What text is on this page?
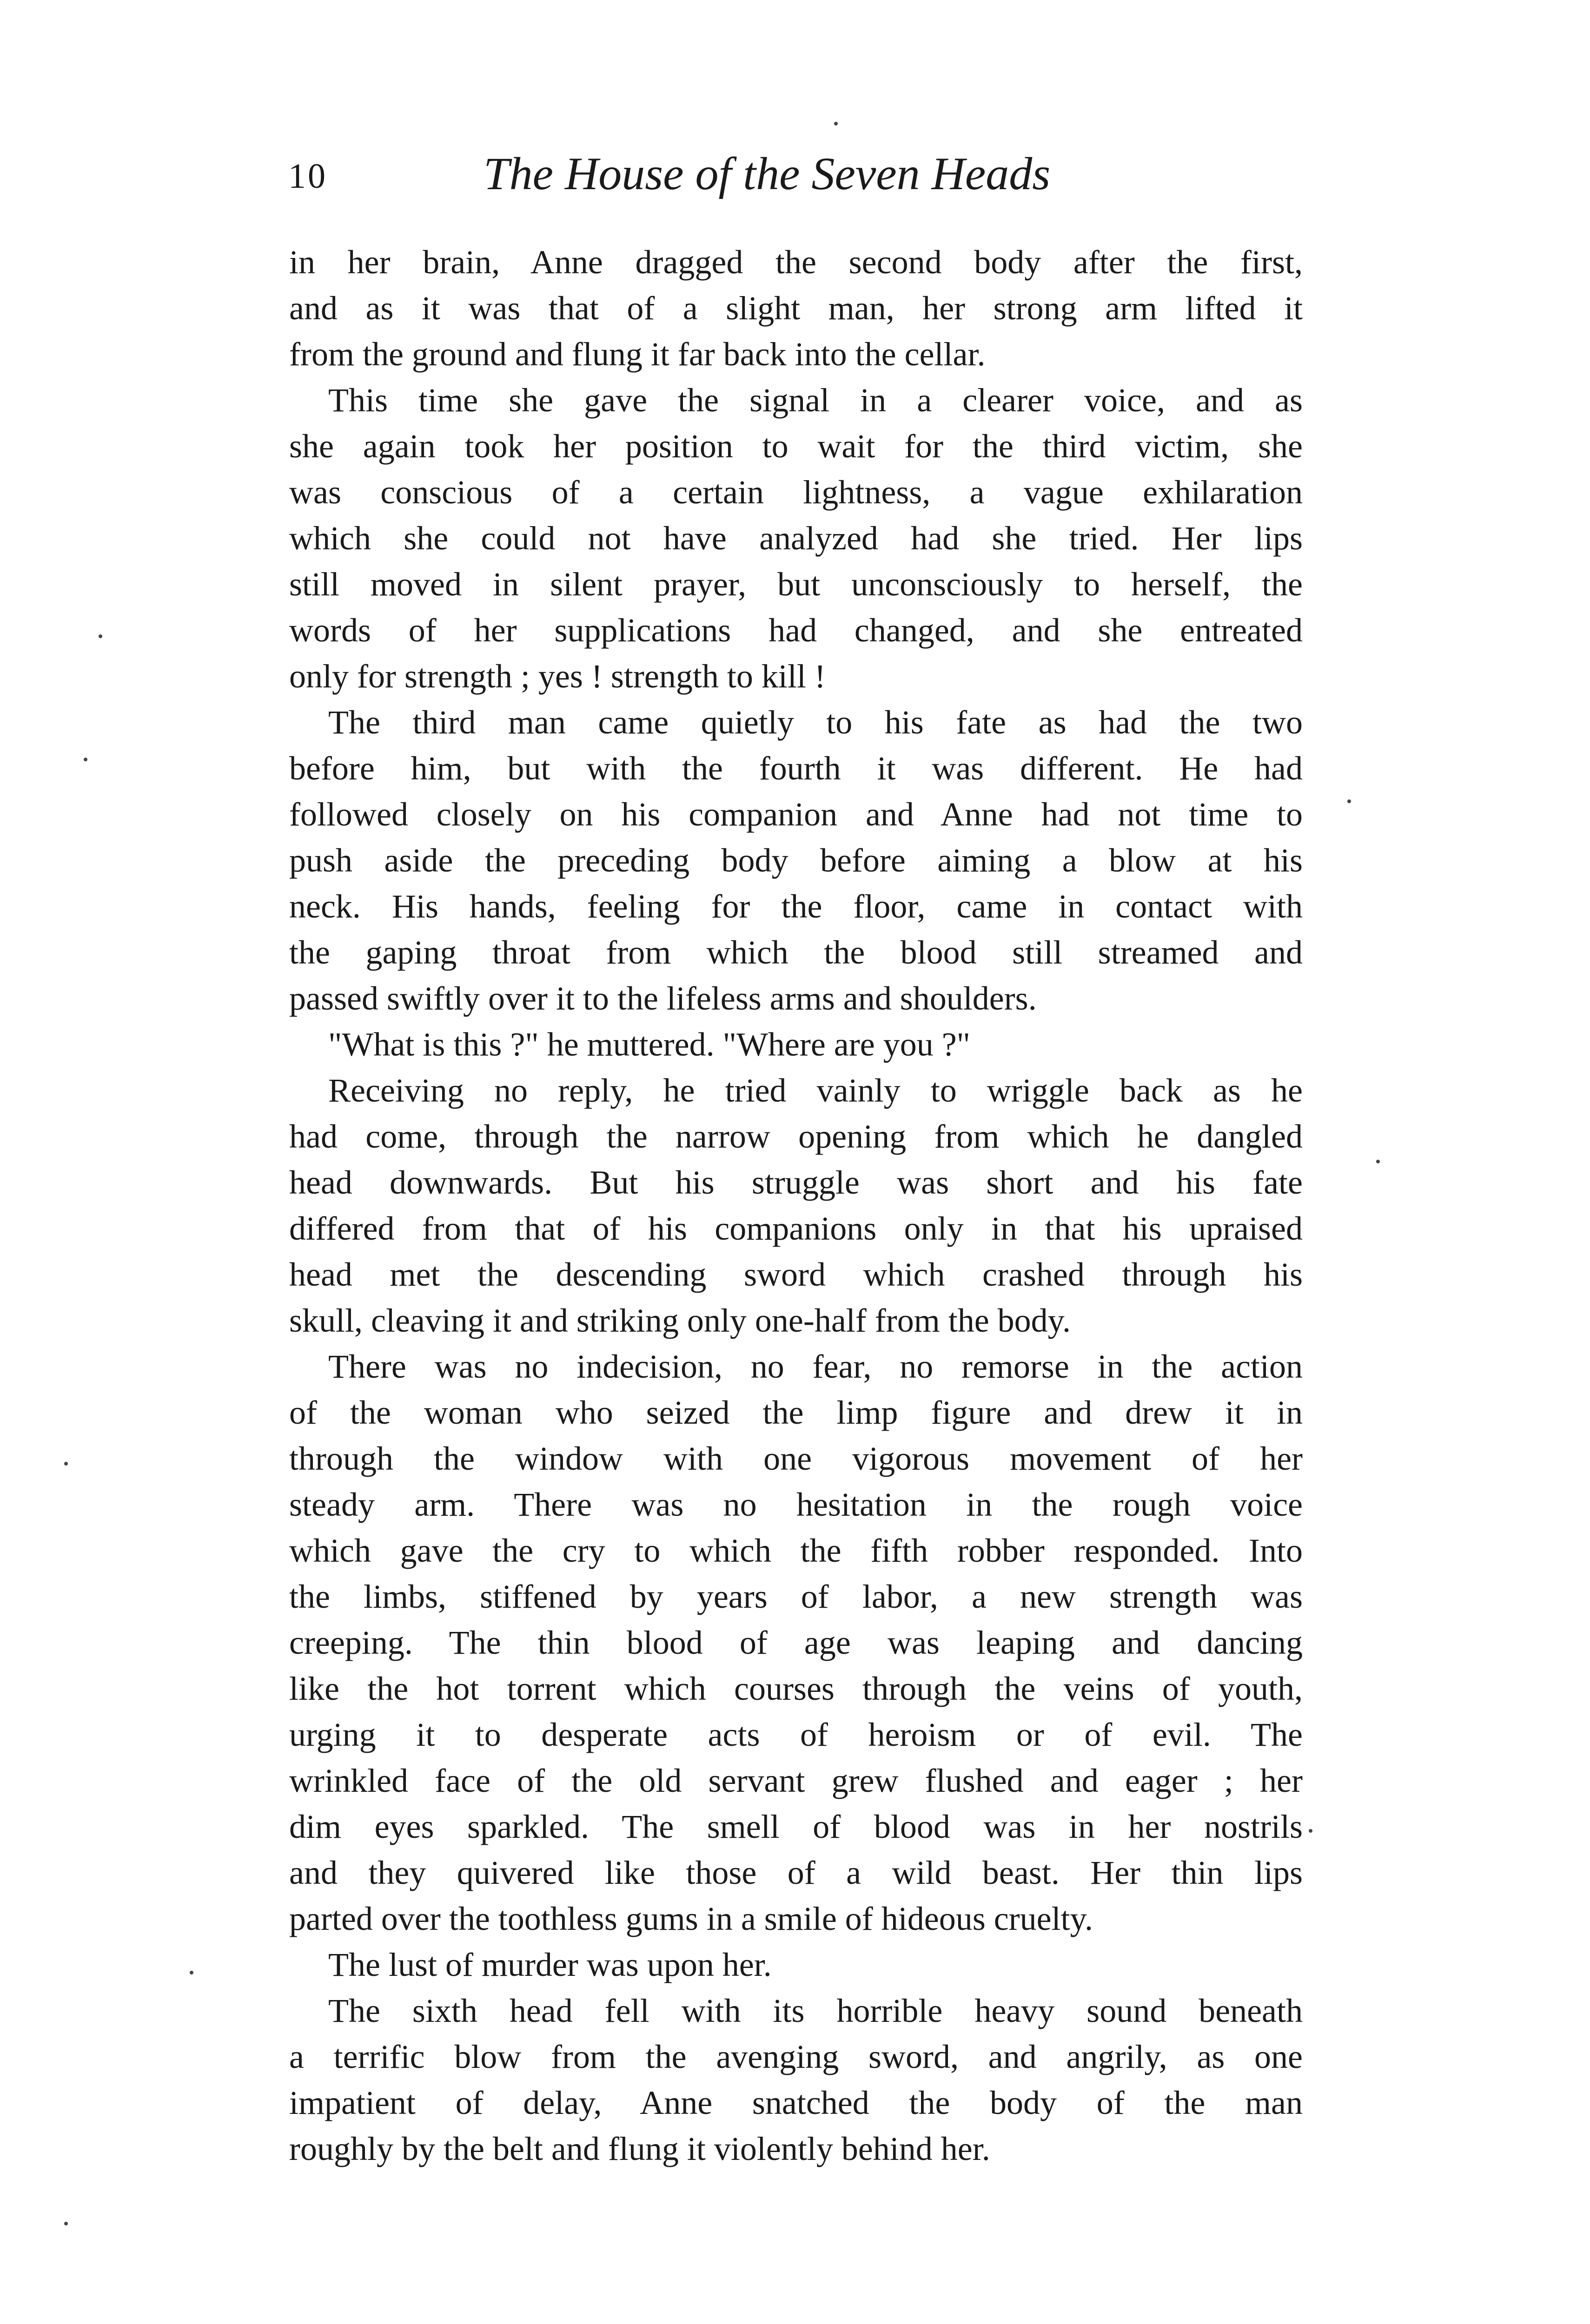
10	The House of the Seven Heads
in her brain, Anne dragged the second body after the first,
and as it was that of a slight man, her strong arm lifted it
from the ground and flung it far back into the cellar.
This time she gave the signal in a clearer voice, and as
she again took her position to wait for the third victim, she
was conscious of a certain lightness, a vague exhilaration
which she could not have analyzed had she tried. Her lips
still moved in silent prayer, but unconsciously to herself, the
words of her supplications had changed, and she entreated
only for strength ; yes ! strength to kill !
The third man came quietly to his fate as had the two
before him, but with the fourth it was different. He had
followed closely on his companion and Anne had not time to
push aside the preceding body before aiming a blow at his
neck. His hands, feeling for the floor, came in contact with
the gaping throat from which the blood still streamed and
passed swiftly over it to the lifeless arms and shoulders.
"What is this ?" he muttered. "Where are you ?"
Receiving no reply, he tried vainly to wriggle back as he
had come, through the narrow opening from which he dangled
head downwards. But his struggle was short and his fate
differed from that of his companions only in that his upraised
head met the descending sword which crashed through his
skull, cleaving it and striking only one-half from the body.
There was no indecision, no fear, no remorse in the action
of the woman who seized the limp figure and drew it in
through the window with one vigorous movement of her
steady arm. There was no hesitation in the rough voice
which gave the cry to which the fifth robber responded. Into
the limbs, stiffened by years of labor, a new strength was
creeping. The thin blood of age was leaping and dancing
like the hot torrent which courses through the veins of youth,
urging it to desperate acts of heroism or of evil. The
wrinkled face of the old servant grew flushed and eager ; her
dim eyes sparkled. The smell of blood was in her nostrils
and they quivered like those of a wild beast. Her thin lips
parted over the toothless gums in a smile of hideous cruelty.
The lust of murder was upon her.
The sixth head fell with its horrible heavy sound beneath
a terrific blow from the avenging sword, and angrily, as one
impatient of delay, Anne snatched the body of the man
roughly by the belt and flung it violently behind her.
